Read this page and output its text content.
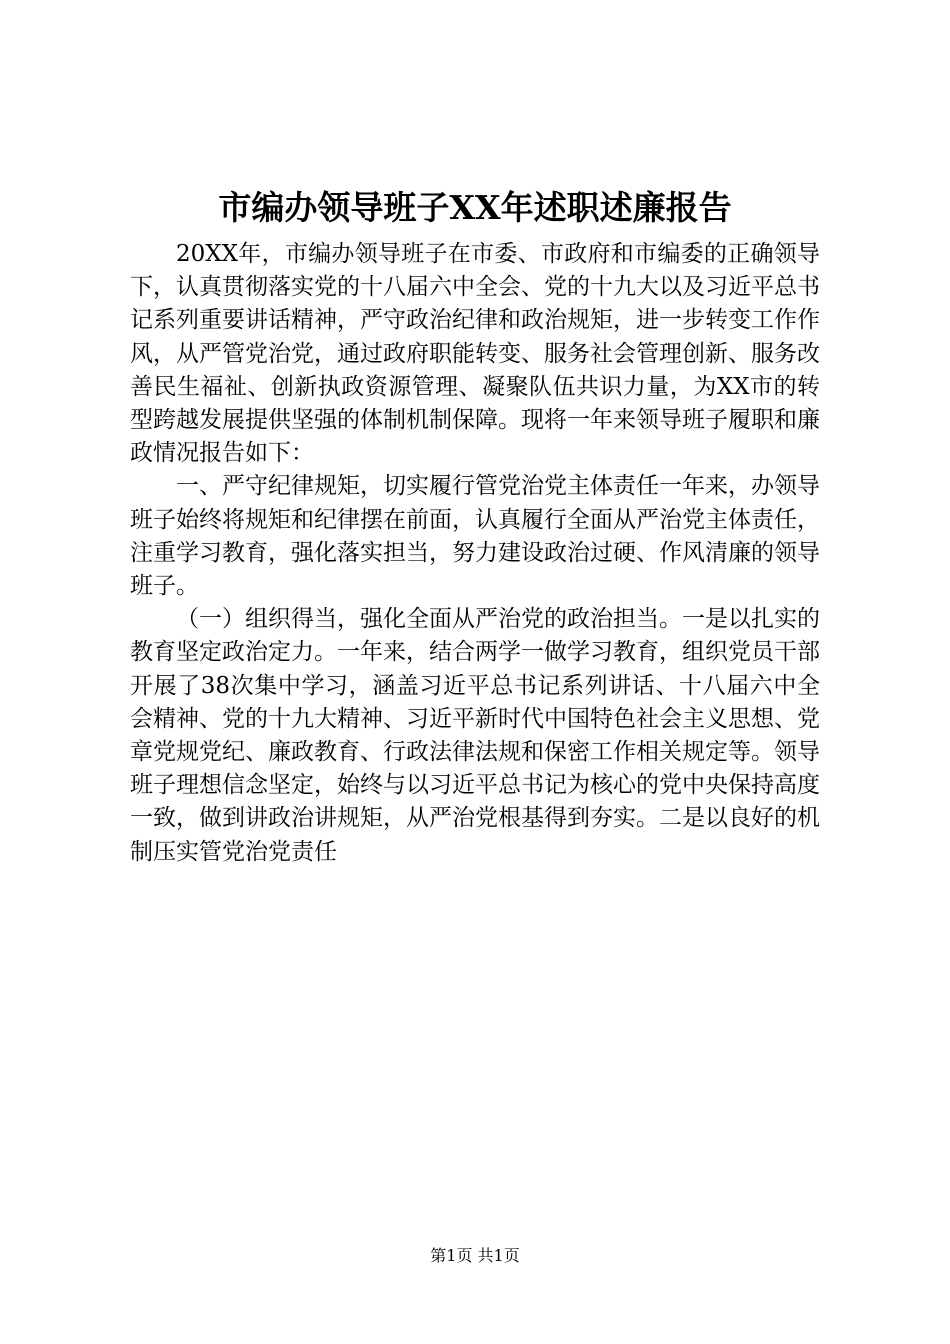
市编办领导班子XX年述职述廉报告

20XX年，市编办领导班子在市委、市政府和市编委的正确领导下，认真贯彻落实党的十八届六中全会、党的十九大以及习近平总书记系列重要讲话精神，严守政治纪律和政治规矩，进一步转变工作作风，从严管党治党，通过政府职能转变、服务社会管理创新、服务改善民生福祉、创新执政资源管理、凝聚队伍共识力量，为XX市的转型跨越发展提供坚强的体制机制保障。现将一年来领导班子履职和廉政情况报告如下：

一、严守纪律规矩，切实履行管党治党主体责任一年来，办领导班子始终将规矩和纪律摆在前面，认真履行全面从严治党主体责任，注重学习教育，强化落实担当，努力建设政治过硬、作风清廉的领导班子。

（一）组织得当，强化全面从严治党的政治担当。一是以扎实的教育坚定政治定力。一年来，结合两学一做学习教育，组织党员干部开展了38次集中学习，涵盖习近平总书记系列讲话、十八届六中全会精神、党的十九大精神、习近平新时代中国特色社会主义思想、党章党规党纪、廉政教育、行政法律法规和保密工作相关规定等。领导班子理想信念坚定，始终与以习近平总书记为核心的党中央保持高度一致，做到讲政治讲规矩，从严治党根基得到夯实。二是以良好的机制压实管党治党责任

第1页 共1页
